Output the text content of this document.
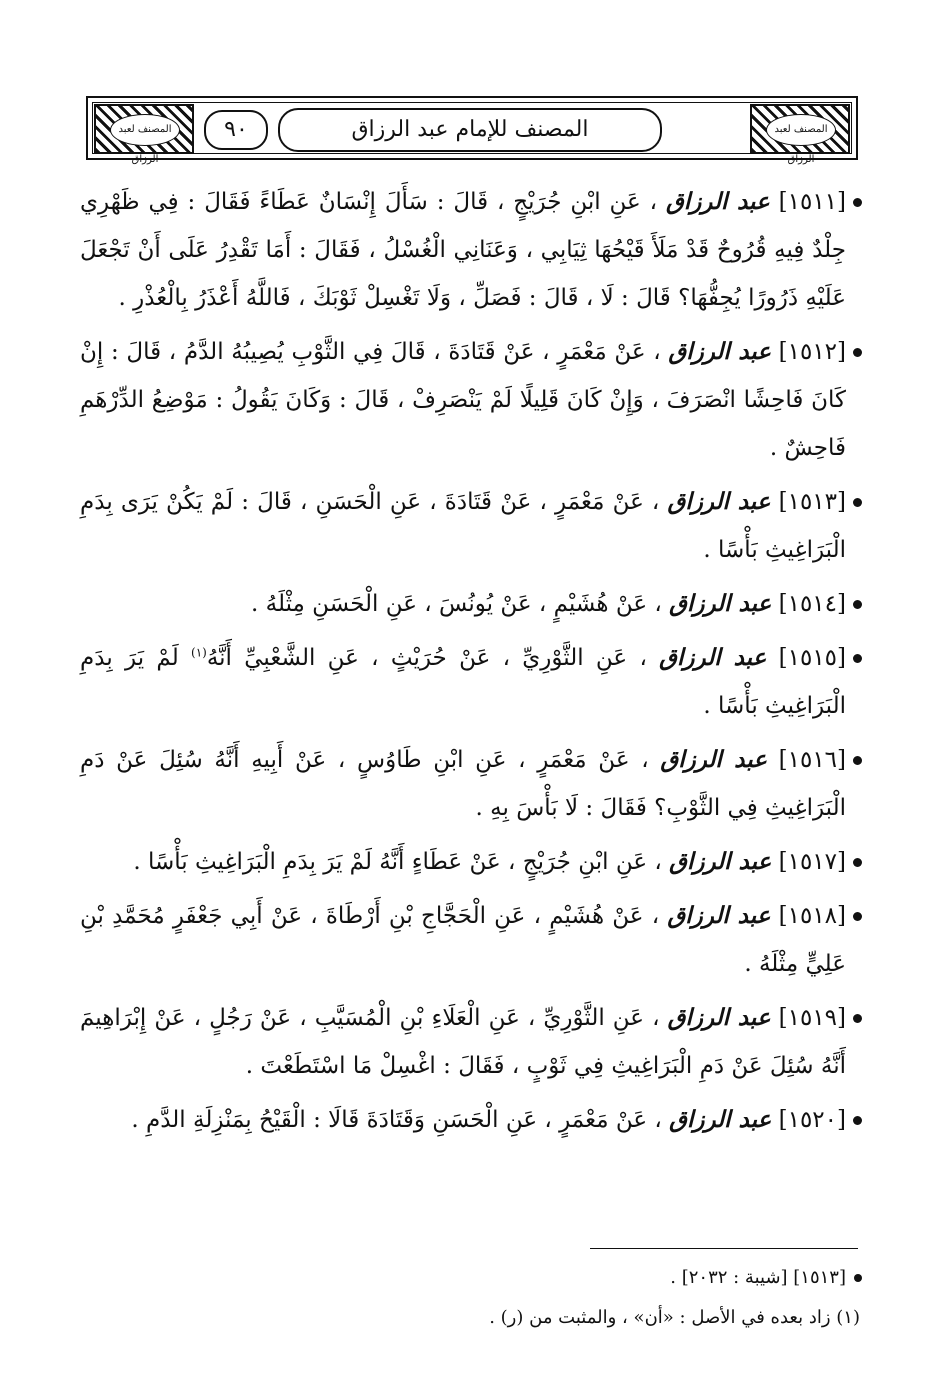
المصنف لعبد الرزاق
٩٠	المصنف للإمام عبد الرزاق	المصنف لعبد الرزاق
[١٥١١] عبد الرزاق ، عَنِ ابْنِ جُرَيْجٍ ، قَالَ : سَأَلَ إِنْسَانٌ عَطَاءً فَقَالَ : فِي ظَهْرِي جِلْدٌ فِيهِ قُرُوحٌ قَدْ مَلَأَ قَيْحُهَا ثِيَابِي ، وَعَنَانِي الْغُسْلُ ، فَقَالَ : أَمَا تَقْدِرُ عَلَى أَنْ تَجْعَلَ عَلَيْهِ ذَرُورًا يُجِفُّهَا؟ قَالَ : لَا ، قَالَ : فَصَلِّ ، وَلَا تَغْسِلْ ثَوْبَكَ ، فَاللَّهُ أَعْذَرُ بِالْعُذْرِ .
[١٥١٢] عبد الرزاق ، عَنْ مَعْمَرٍ ، عَنْ قَتَادَةَ ، قَالَ فِي الثَّوْبِ يُصِيبُهُ الدَّمُ ، قَالَ : إِنْ كَانَ فَاحِشًا انْصَرَفَ ، وَإِنْ كَانَ قَلِيلًا لَمْ يَنْصَرِفْ ، قَالَ : وَكَانَ يَقُولُ : مَوْضِعُ الدِّرْهَمِ فَاحِشٌ .
[١٥١٣] عبد الرزاق ، عَنْ مَعْمَرٍ ، عَنْ قَتَادَةَ ، عَنِ الْحَسَنِ ، قَالَ : لَمْ يَكُنْ يَرَى بِدَمِ الْبَرَاغِيثِ بَأْسًا .
[١٥١٤] عبد الرزاق ، عَنْ هُشَيْمٍ ، عَنْ يُونُسَ ، عَنِ الْحَسَنِ مِثْلَهُ .
[١٥١٥] عبد الرزاق ، عَنِ الثَّوْرِيِّ ، عَنْ حُرَيْثٍ ، عَنِ الشَّعْبِيِّ أَنَّهُ$^{(١)}$ لَمْ يَرَ بِدَمِ الْبَرَاغِيثِ بَأْسًا .
[١٥١٦] عبد الرزاق ، عَنْ مَعْمَرٍ ، عَنِ ابْنِ طَاوُسٍ ، عَنْ أَبِيهِ أَنَّهُ سُئِلَ عَنْ دَمِ الْبَرَاغِيثِ فِي الثَّوْبِ؟ فَقَالَ : لَا بَأْسَ بِهِ .
[١٥١٧] عبد الرزاق ، عَنِ ابْنِ جُرَيْجٍ ، عَنْ عَطَاءٍ أَنَّهُ لَمْ يَرَ بِدَمِ الْبَرَاغِيثِ بَأْسًا .
[١٥١٨] عبد الرزاق ، عَنْ هُشَيْمٍ ، عَنِ الْحَجَّاجِ بْنِ أَرْطَاةَ ، عَنْ أَبِي جَعْفَرٍ مُحَمَّدِ بْنِ عَلِيٍّ مِثْلَهُ .
[١٥١٩] عبد الرزاق ، عَنِ الثَّوْرِيِّ ، عَنِ الْعَلَاءِ بْنِ الْمُسَيَّبِ ، عَنْ رَجُلٍ ، عَنْ إِبْرَاهِيمَ أَنَّهُ سُئِلَ عَنْ دَمِ الْبَرَاغِيثِ فِي ثَوْبٍ ، فَقَالَ : اغْسِلْ مَا اسْتَطَعْتَ .
[١٥٢٠] عبد الرزاق ، عَنْ مَعْمَرٍ ، عَنِ الْحَسَنِ وَقَتَادَةَ قَالَا : الْقَيْحُ بِمَنْزِلَةِ الدَّمِ .
[١٥١٣] [شيبة : ٢٠٣٢] .
(١) زاد بعده في الأصل : «أن» ، والمثبت من (ر) .
